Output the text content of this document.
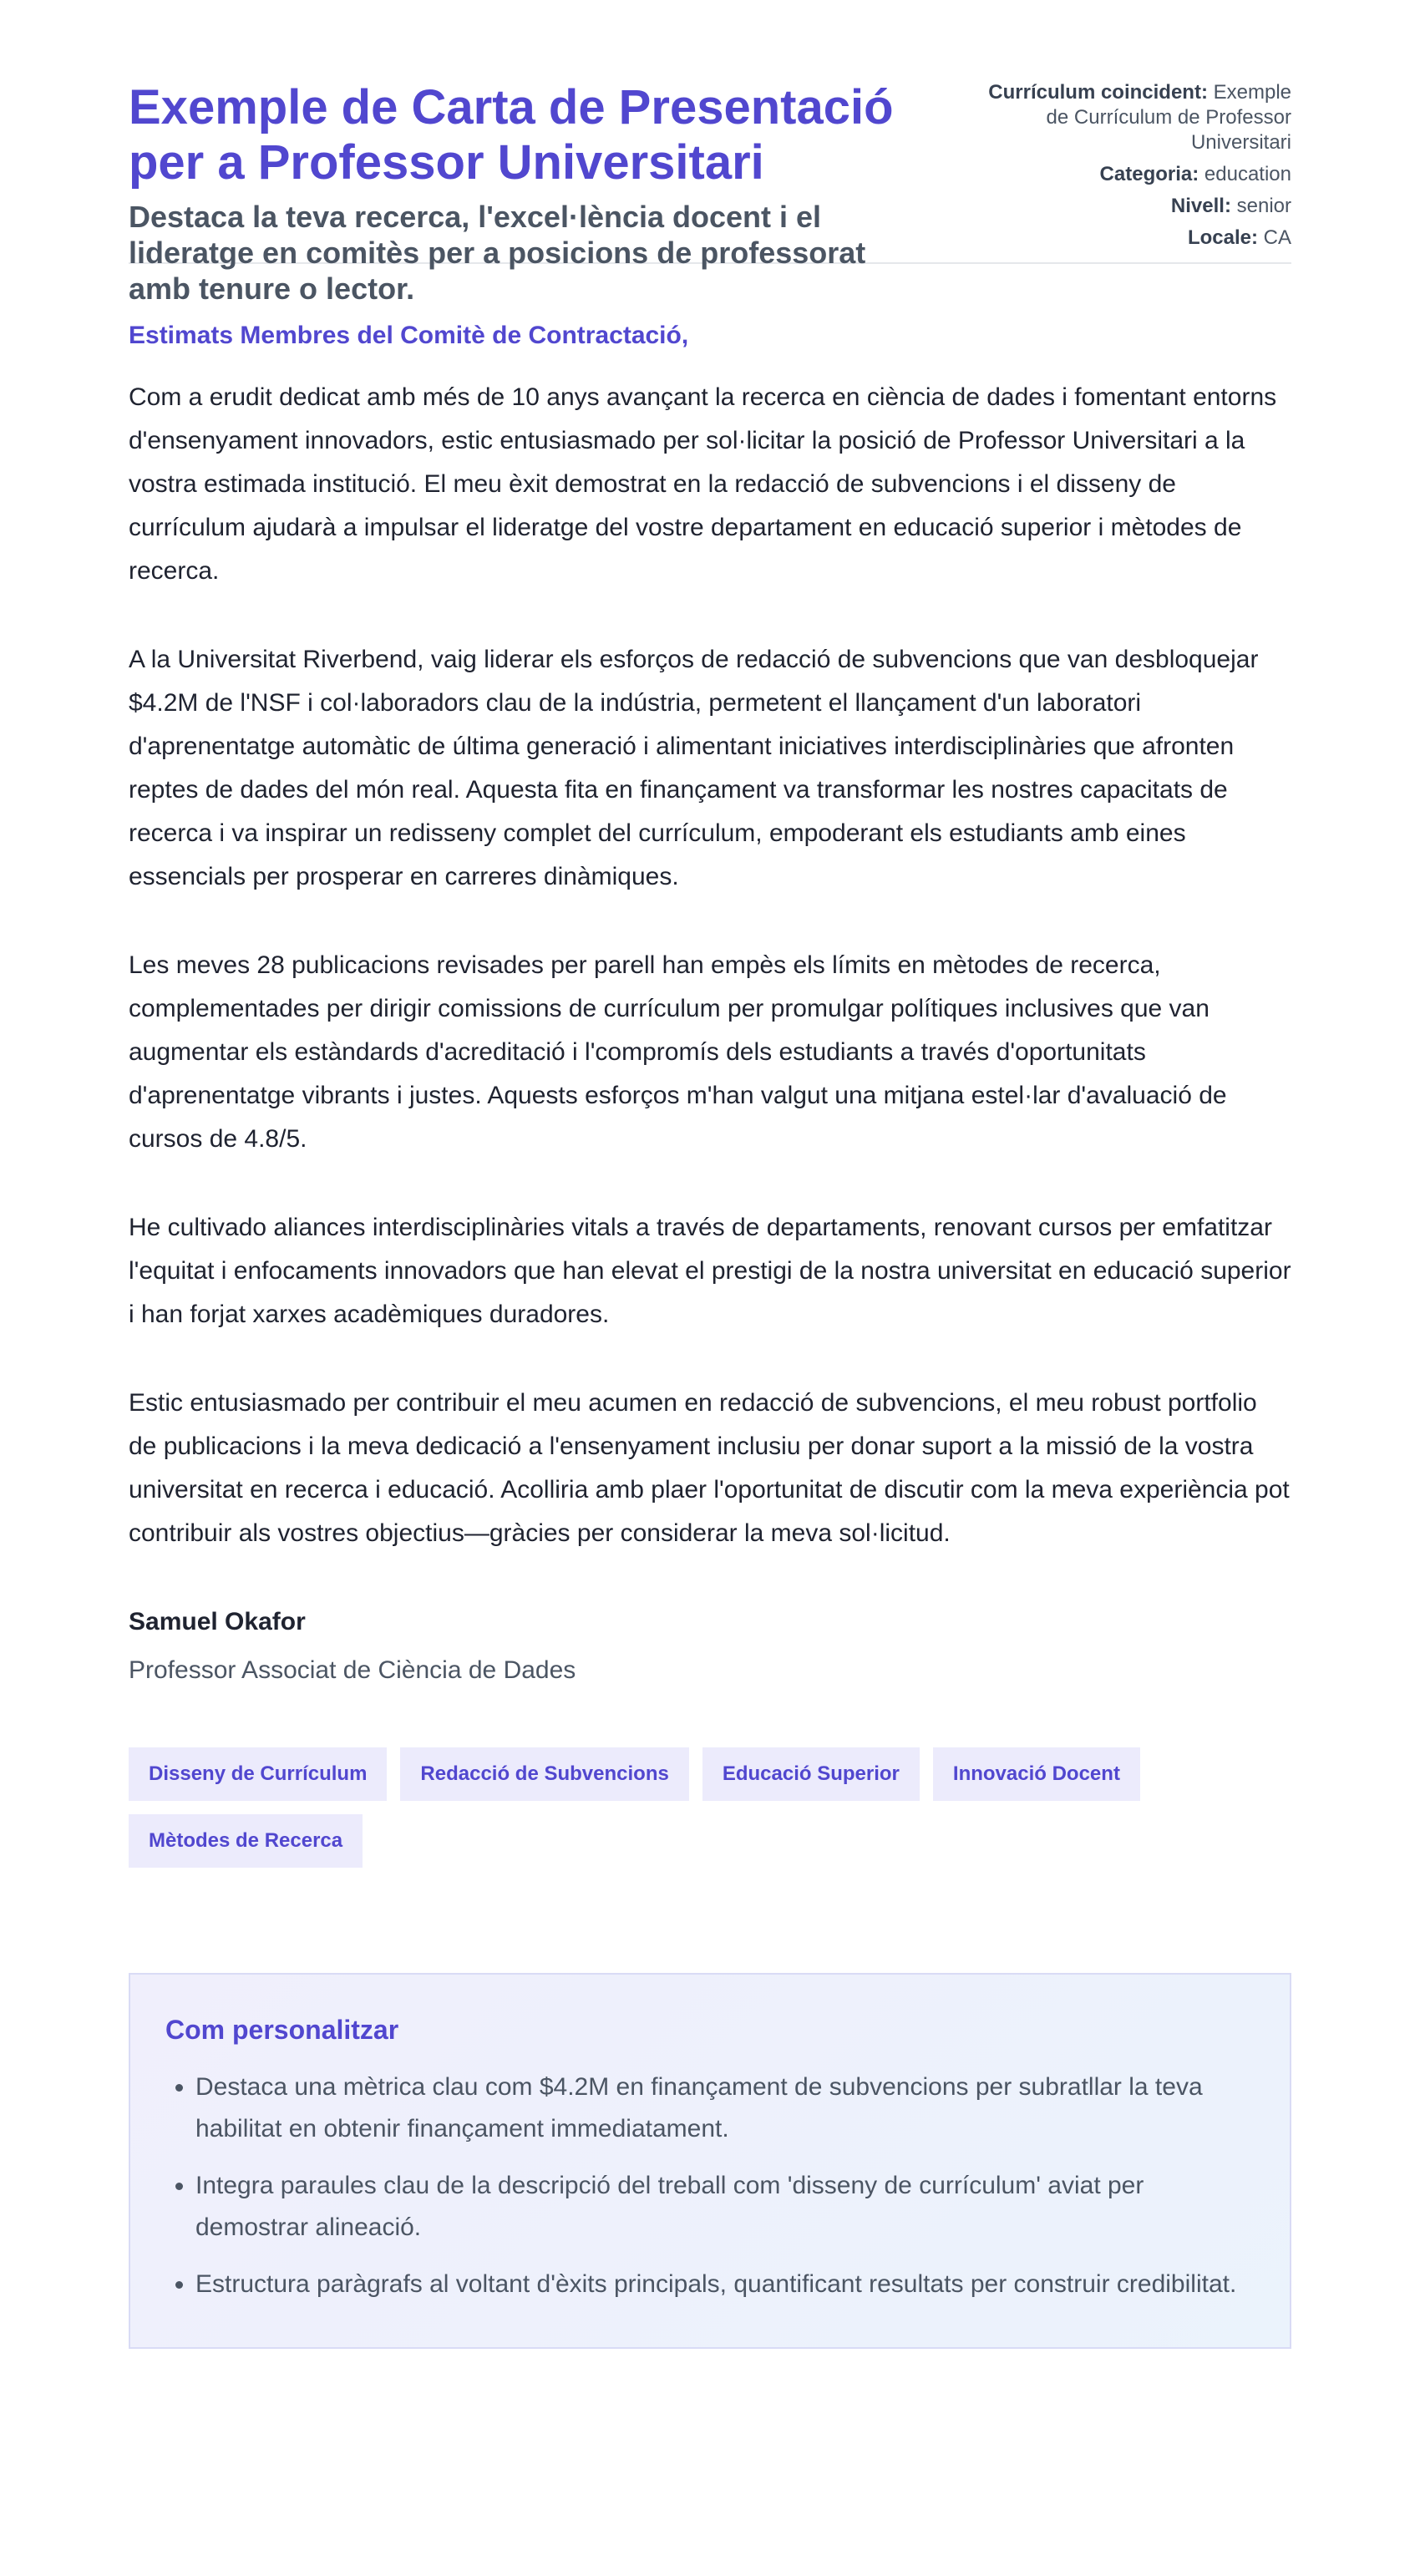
Exemple de Carta de Presentació per a Professor Universitari
Destaca la teva recerca, l'excel·lència docent i el lideratge en comitès per a posicions de professorat amb tenure o lector.
Currículum coincident: Exemple de Currículum de Professor Universitari
Categoria: education
Nivell: senior
Locale: CA
Estimats Membres del Comitè de Contractació,

Com a erudit dedicat amb més de 10 anys avançant la recerca en ciència de dades i fomentant entorns d'ensenyament innovadors, estic entusiasmado per sol·licitar la posició de Professor Universitari a la vostra estimada institució. El meu èxit demostrat en la redacció de subvencions i el disseny de currículum ajudarà a impulsar el lideratge del vostre departament en educació superior i mètodes de recerca.

A la Universitat Riverbend, vaig liderar els esforços de redacció de subvencions que van desbloquejar $4.2M de l'NSF i col·laboradors clau de la indústria, permetent el llançament d'un laboratori d'aprenentatge automàtic de última generació i alimentant iniciatives interdisciplinàries que afronten reptes de dades del món real. Aquesta fita en finançament va transformar les nostres capacitats de recerca i va inspirar un redisseny complet del currículum, empoderant els estudiants amb eines essencials per prosperar en carreres dinàmiques.

Les meves 28 publicacions revisades per parell han empès els límits en mètodes de recerca, complementades per dirigir comissions de currículum per promulgar polítiques inclusives que van augmentar els estàndards d'acreditació i l'compromís dels estudiants a través d'oportunitats d'aprenentatge vibrants i justes. Aquests esforços m'han valgut una mitjana estel·lar d'avaluació de cursos de 4.8/5.

He cultivado aliances interdisciplinàries vitals a través de departaments, renovant cursos per emfatitzar l'equitat i enfocaments innovadors que han elevat el prestigi de la nostra universitat en educació superior i han forjat xarxes acadèmiques duradores.

Estic entusiasmado per contribuir el meu acumen en redacció de subvencions, el meu robust portfolio de publicacions i la meva dedicació a l'ensenyament inclusiu per donar suport a la missió de la vostra universitat en recerca i educació. Acolliria amb plaer l'oportunitat de discutir com la meva experiència pot contribuir als vostres objectius—gràcies per considerar la meva sol·licitud.

Samuel Okafor
Professor Associat de Ciència de Dades
Disseny de Currículum	Redacció de Subvencions	Educació Superior	Innovació Docent
Mètodes de Recerca
Com personalitzar
• Destaca una mètrica clau com $4.2M en finançament de subvencions per subratllar la teva habilitat en obtenir finançament immediatament.
• Integra paraules clau de la descripció del treball com 'disseny de currículum' aviat per demostrar alineació.
• Estructura paràgrafs al voltant d'èxits principals, quantificant resultats per construir credibilitat.
